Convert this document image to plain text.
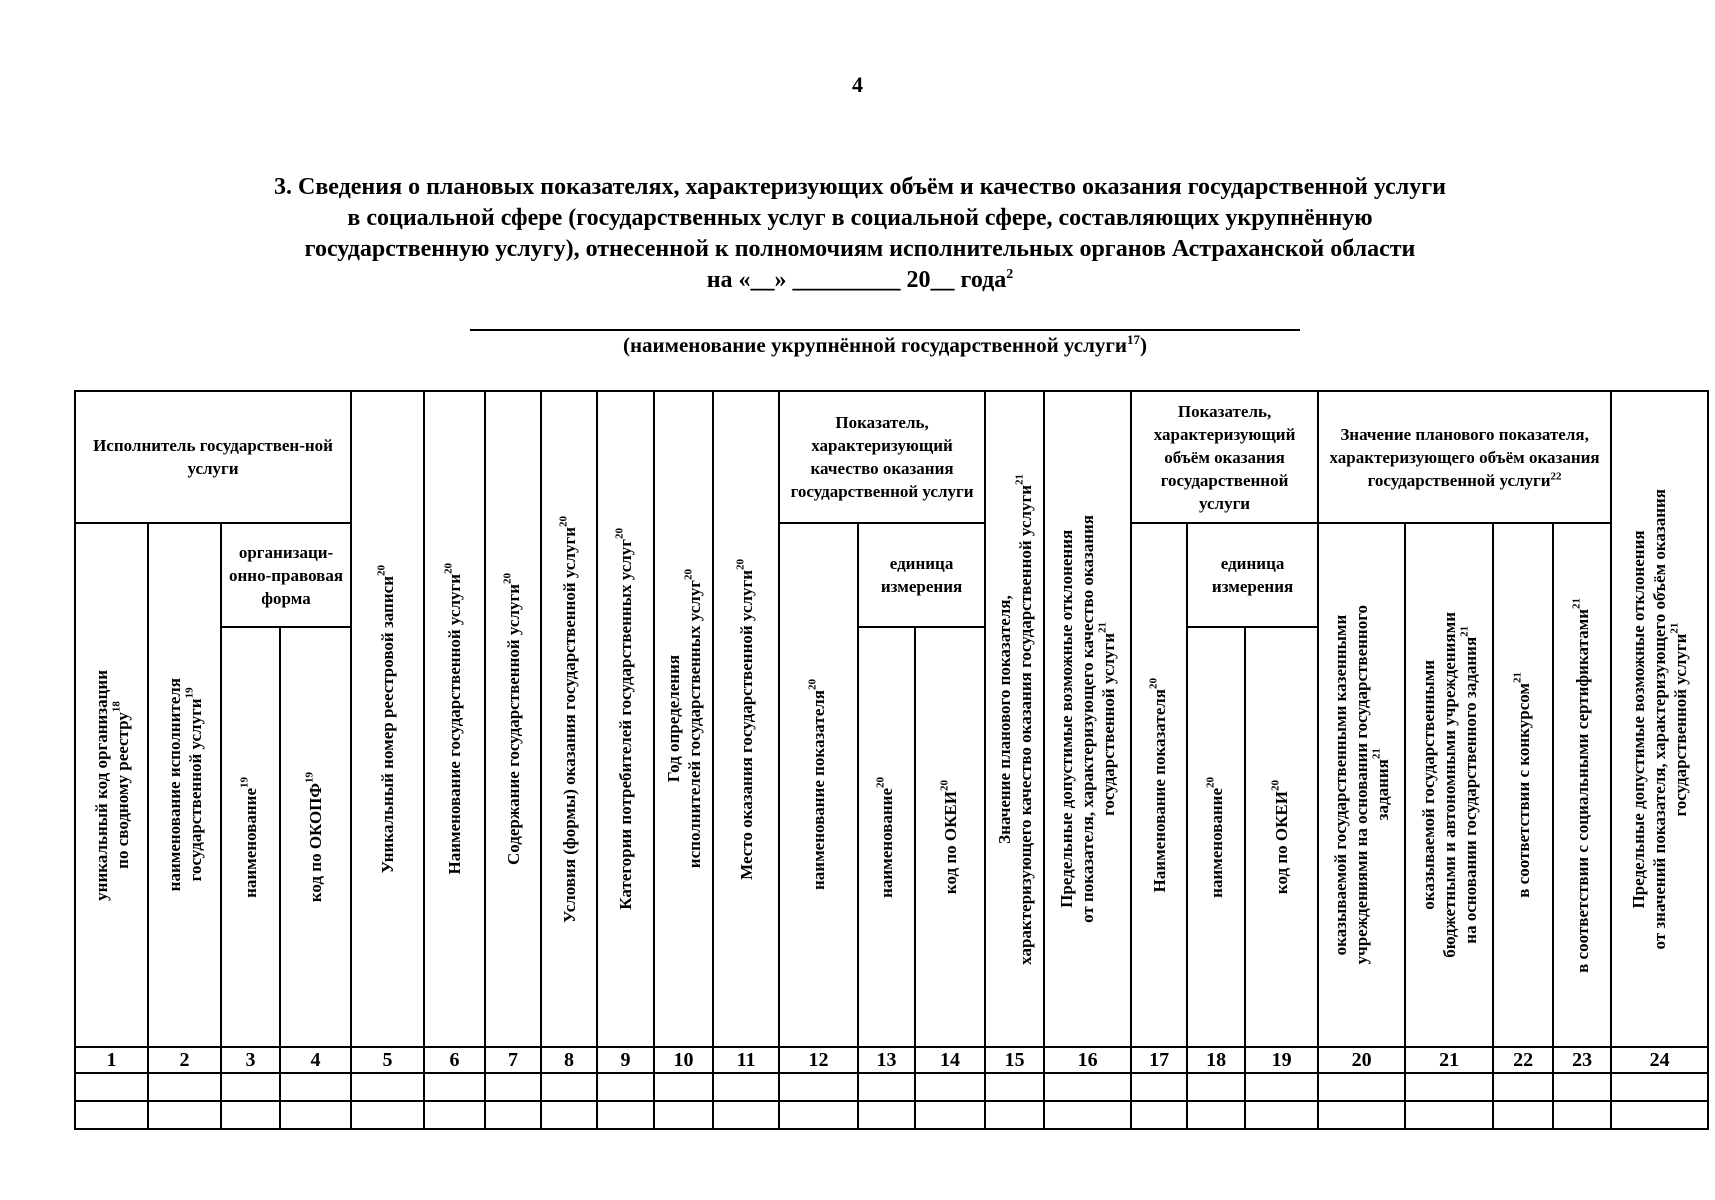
4
3. Сведения о плановых показателях, характеризующих объём и качество оказания государственной услуги
в социальной сфере (государственных услуг в социальной сфере, составляющих укрупнённую
государственную услугу), отнесенной к полномочиям исполнительных органов Астраханской области
на «__» _________ 20__ года$^2$
(наименование укрупнённой государственной услуги$^{17}$)
Исполнитель государствен-ной услуги				Уникальный номер реестровой записи$^{20}$	Наименование государственной услуги$^{20}$	Содержание государственной услуги$^{20}$	Условия (формы) оказания государственной услуги$^{20}$	Категории потребителей государственных услуг$^{20}$	Год определения исполнителей государственных услуг$^{20}$	Место оказания государственной услуги$^{20}$	Показатель, характеризующий качество оказания государственной услуги			Значение планового показателя, характеризующего качество оказания государственной услуги$^{21}$	Предельные допустимые возможные отклонения от показателя, характеризующего качество оказания государственной услуги$^{21}$	Показатель, характеризующий объём оказания государственной услуги			Значение планового показателя, характеризующего объём оказания государственной услуги$^{22}$				Предельные допустимые возможные отклонения от значений показателя, характеризующего объём оказания государственной услуги$^{21}$

уникальный код организации по сводному реестру$^{18}$	наименование исполнителя государственной услуги$^{19}$	организаци-онно-правовая форма									наименование показателя$^{20}$	единица измерения				Наименование показателя$^{20}$	единица измерения		оказываемой государственными казенными учреждениями на основании государственного задания$^{21}$	оказываемой государственными бюджетными и автономными учреждениями на основании государственного задания$^{21}$	в соответствии с конкурсом$^{21}$	в соответствии с социальными сертификатами$^{21}$

		наименование$^{19}$	код по ОКОПФ$^{19}$									наименование$^{20}$	код по ОКЕИ$^{20}$				наименование$^{20}$	код по ОКЕИ$^{20}$

1	2	3	4	5	6	7	8	9	10	11	12	13	14	15	16	17	18	19	20	21	22	23	24
